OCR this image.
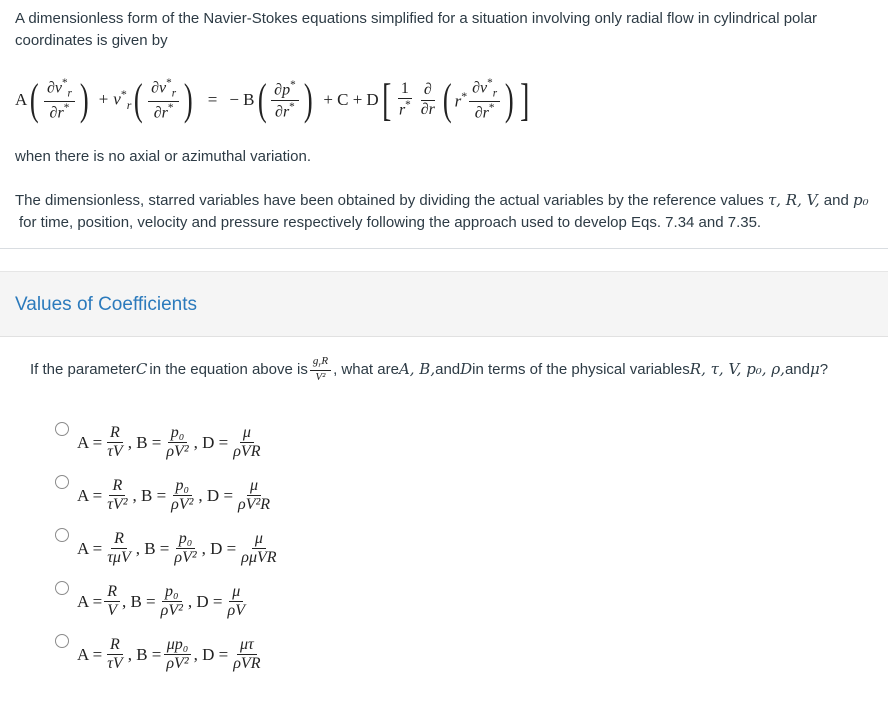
A dimensionless form of the Navier-Stokes equations simplified for a situation involving only radial flow in cylindrical polar coordinates is given by
A ( $\frac{\partial v^*_r}{\partial r^*}$ ) + $v^*_r$ ( $\frac{\partial v^*_r}{\partial r^*}$ ) = − B ( $\frac{\partial p^*}{\partial r^*}$ ) + C + D [ $\frac{1}{r^*} \frac{\partial}{\partial r}$ ( $r^* \frac{\partial v^*_r}{\partial r^*}$ ) ]
when there is no axial or azimuthal variation.
The dimensionless, starred variables have been obtained by dividing the actual variables by the reference values τ, R, V, and p₀
for time, position, velocity and pressure respectively following the approach used to develop Eqs. 7.34 and 7.35.
Values of Coefficients
If the parameter C in the equation above is $\frac{g_rR}{\text{V²}}$ , what are A, B, and D in terms of the physical variables R, τ, V, p₀, ρ, and μ ?
$A = \frac{R}{\tau V}$ ,
$B = \frac{\text{p₀}}{\text{ρV²}}$ ,
$D = \frac{\mu}{\text{ρVR}}$
$A = \frac{R}{\text{τV²}}$ ,
$B = \frac{\text{p₀}}{\text{ρV²}}$ ,
$D = \frac{\mu}{\text{ρV²R}}$
$A = \frac{R}{\text{τμV}}$ ,
$B = \frac{\text{p₀}}{\text{ρV²}}$ ,
$D = \frac{\mu}{\text{ρμVR}}$
$A = \frac{R}{V}$ ,
$B = \frac{\text{p₀}}{\text{ρV²}}$ ,
$D = \frac{\mu}{\rho V}$
$A = \frac{R}{\tau V}$ ,
$B = \frac{\text{μp₀}}{\text{ρV²}}$ ,
$D = \frac{\mu\tau}{\text{ρVR}}$
